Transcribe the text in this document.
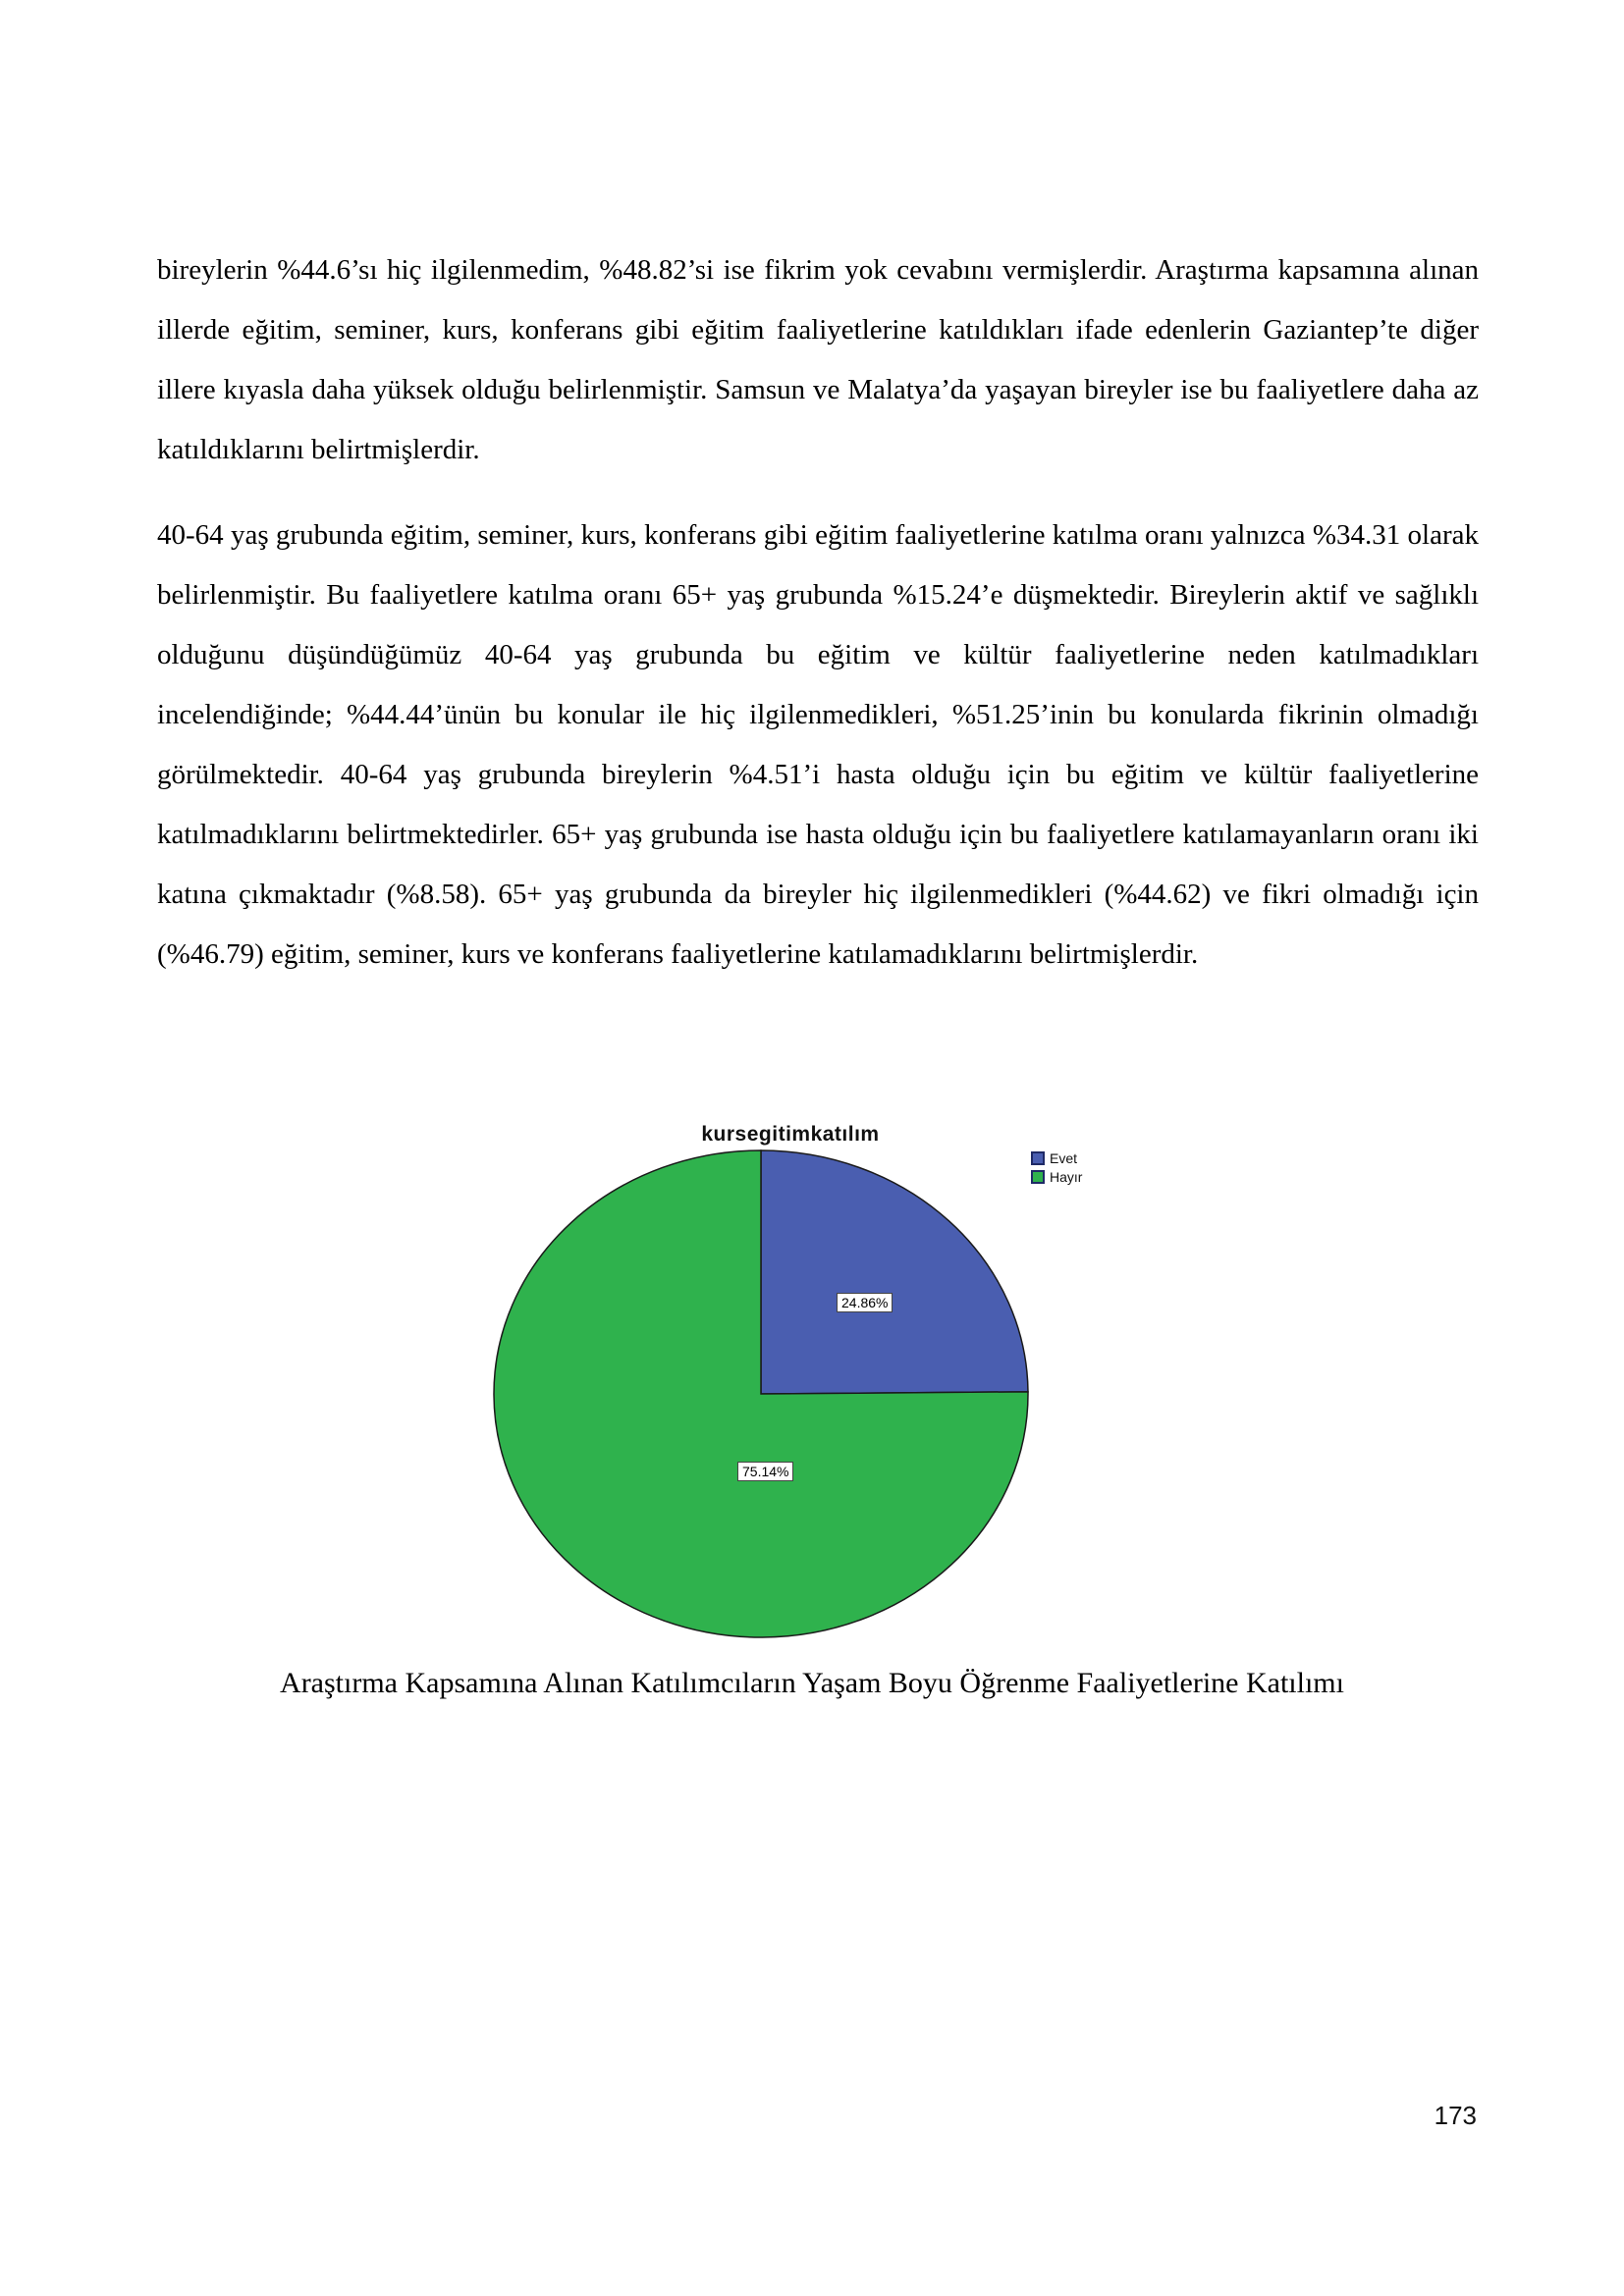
bireylerin %44.6’sı hiç ilgilenmedim, %48.82’si ise fikrim yok cevabını vermişlerdir. Araştırma kapsamına alınan illerde eğitim, seminer, kurs, konferans gibi eğitim faaliyetlerine katıldıkları ifade edenlerin Gaziantep’te diğer illere kıyasla daha yüksek olduğu belirlenmiştir. Samsun ve Malatya’da yaşayan bireyler ise bu faaliyetlere daha az katıldıklarını belirtmişlerdir.

40-64 yaş grubunda eğitim, seminer, kurs, konferans gibi eğitim faaliyetlerine katılma oranı yalnızca %34.31 olarak belirlenmiştir. Bu faaliyetlere katılma oranı 65+ yaş grubunda %15.24’e düşmektedir. Bireylerin aktif ve sağlıklı olduğunu düşündüğümüz 40-64 yaş grubunda bu eğitim ve kültür faaliyetlerine neden katılmadıkları incelendiğinde; %44.44’ünün bu konular ile hiç ilgilenmedikleri, %51.25’inin bu konularda fikrinin olmadığı görülmektedir. 40-64 yaş grubunda bireylerin %4.51’i hasta olduğu için bu eğitim ve kültür faaliyetlerine katılmadıklarını belirtmektedirler. 65+ yaş grubunda ise hasta olduğu için bu faaliyetlere katılamayanların oranı iki katına çıkmaktadır (%8.58). 65+ yaş grubunda da bireyler hiç ilgilenmedikleri (%44.62) ve fikri olmadığı için (%46.79) eğitim, seminer, kurs ve konferans faaliyetlerine katılamadıklarını belirtmişlerdir.

kursegitimkatılım
Evet
Hayır
24.86%
75.14%
Araştırma Kapsamına Alınan Katılımcıların Yaşam Boyu Öğrenme Faaliyetlerine Katılımı
173
